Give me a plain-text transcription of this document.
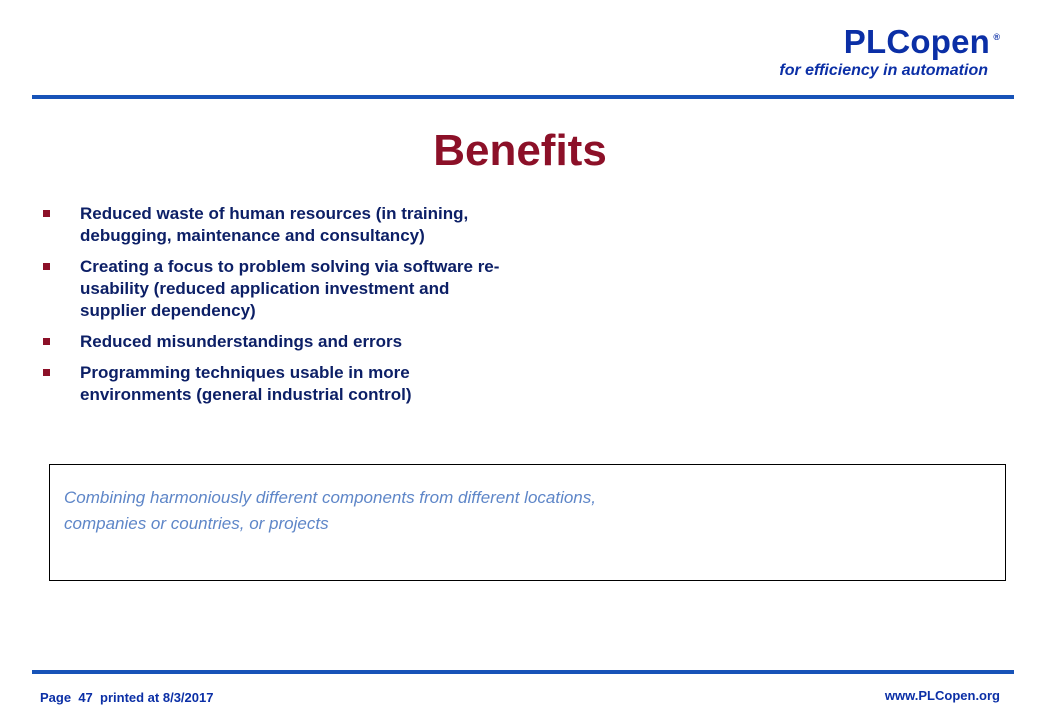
PLCopen ®
for efficiency in automation
Benefits
Reduced waste of human resources (in training, debugging, maintenance and consultancy)
Creating a focus to problem solving via software re-usability (reduced application investment and supplier dependency)
Reduced misunderstandings and errors
Programming techniques usable in more environments (general industrial control)
Combining harmoniously different components from different locations, companies or countries, or projects
Page 47 printed at 8/3/2017	www.PLCopen.org
